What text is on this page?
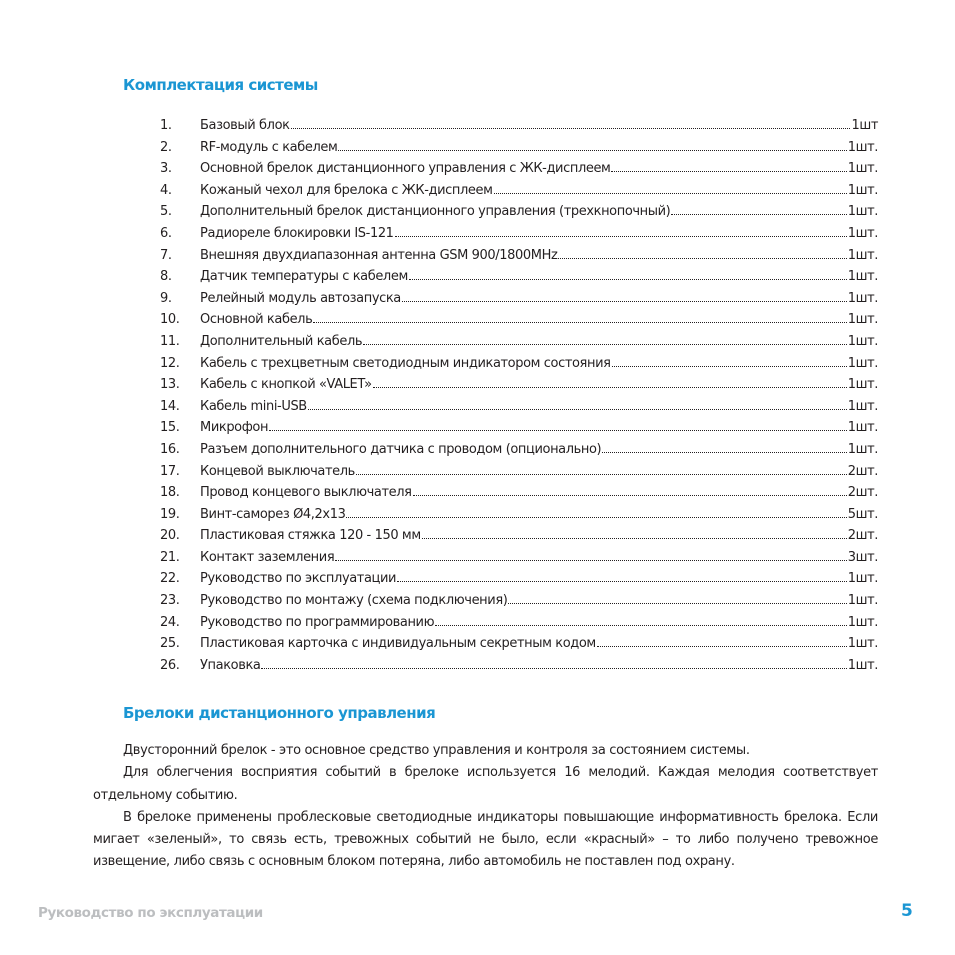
Комплектация системы
1.	Базовый блок	1шт
2.	RF-модуль с кабелем	1шт.
3.	Основной брелок дистанционного управления с ЖК-дисплеем	1шт.
4.	Кожаный чехол для брелока с ЖК-дисплеем	1шт.
5.	Дополнительный брелок дистанционного управления (трехкнопочный)	1шт.
6.	Радиореле блокировки IS-121	1шт.
7.	Внешняя двухдиапазонная антенна GSM 900/1800MHz	1шт.
8.	Датчик температуры с кабелем	1шт.
9.	Релейный модуль автозапуска	1шт.
10.	Основной кабель	1шт.
11.	Дополнительный кабель	1шт.
12.	Кабель с трехцветным светодиодным индикатором состояния	1шт.
13.	Кабель с кнопкой «VALET»	1шт.
14.	Кабель mini-USB	1шт.
15.	Микрофон	1шт.
16.	Разъем дополнительного датчика с проводом (опционально)	1шт.
17.	Концевой выключатель	2шт.
18.	Провод концевого выключателя	2шт.
19.	Винт-саморез Ø4,2x13	5шт.
20.	Пластиковая стяжка 120 - 150 мм	2шт.
21.	Контакт заземления	3шт.
22.	Руководство по эксплуатации	1шт.
23.	Руководство по монтажу (схема подключения)	1шт.
24.	Руководство по программированию	1шт.
25.	Пластиковая карточка с индивидуальным секретным кодом	1шт.
26.	Упаковка	1шт.
Брелоки дистанционного управления

Двусторонний брелок - это основное средство управления и контроля за состоянием системы.

Для облегчения восприятия событий в брелоке используется 16 мелодий. Каждая мелодия соответствует отдельному событию.

В брелоке применены проблесковые светодиодные индикаторы повышающие информативность брелока. Если мигает «зеленый», то связь есть, тревожных событий не было, если «красный» – то либо получено тревожное извещение, либо связь с основным блоком потеряна, либо автомобиль не поставлен под охрану.

Руководство по эксплуатации	5
